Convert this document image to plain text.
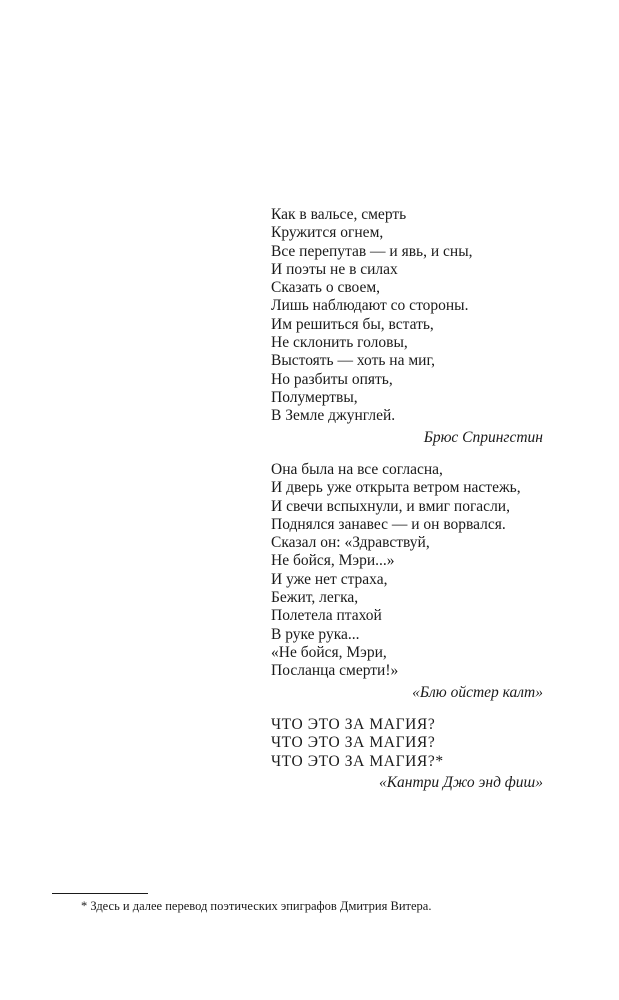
Как в вальсе, смерть
Кружится огнем,
Все перепутав — и явь, и сны,
И поэты не в силах
Сказать о своем,
Лишь наблюдают со стороны.
Им решиться бы, встать,
Не склонить головы,
Выстоять — хоть на миг,
Но разбиты опять,
Полумертвы,
В Земле джунглей.
Брюс Спрингстин
Она была на все согласна,
И дверь уже открыта ветром настежь,
И свечи вспыхнули, и вмиг погасли,
Поднялся занавес — и он ворвался.
Сказал он: «Здравствуй,
Не бойся, Мэри...»
И уже нет страха,
Бежит, легка,
Полетела птахой
В руке рука...
«Не бойся, Мэри,
Посланца смерти!»
«Блю ойстер калт»
ЧТО ЭТО ЗА МАГИЯ?
ЧТО ЭТО ЗА МАГИЯ?
ЧТО ЭТО ЗА МАГИЯ?*
«Кантри Джо энд фиш»
* Здесь и далее перевод поэтических эпиграфов Дмитрия Витера.
